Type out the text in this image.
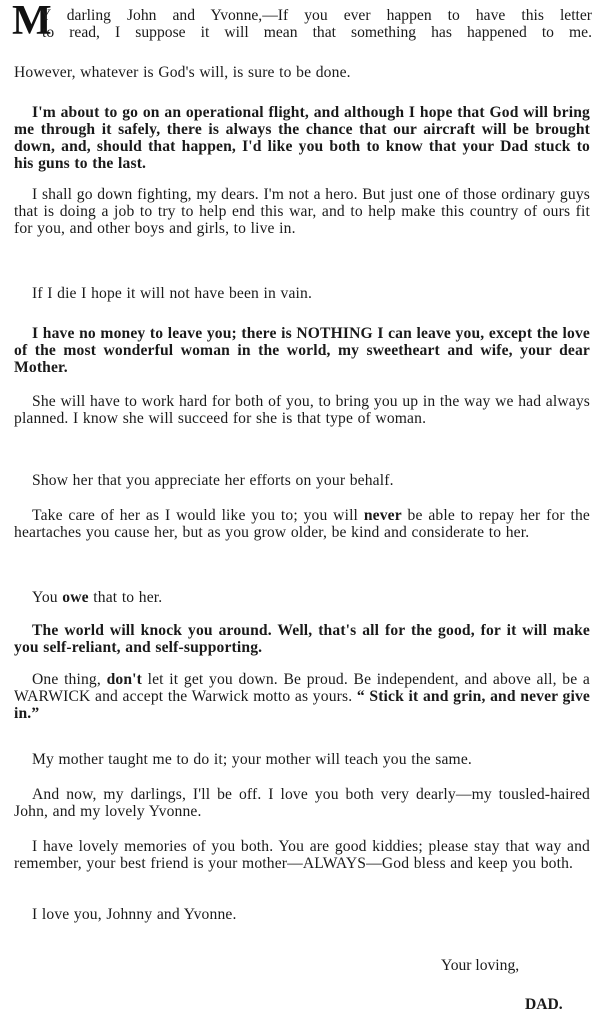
M
Y darling John and Yvonne,—If you ever happen to have this letter
to read, I suppose it will mean that something has happened to me.

However, whatever is God's will, is sure to be done.

I'm about to go on an operational flight, and although I hope that God will bring me through it safely, there is always the chance that our aircraft will be brought down, and, should that happen, I'd like you both to know that your Dad stuck to his guns to the last.

I shall go down fighting, my dears. I'm not a hero. But just one of those ordinary guys that is doing a job to try to help end this war, and to help make this country of ours fit for you, and other boys and girls, to live in.

If I die I hope it will not have been in vain.

I have no money to leave you; there is NOTHING I can leave you, except the love of the most wonderful woman in the world, my sweetheart and wife, your dear Mother.

She will have to work hard for both of you, to bring you up in the way we had always planned. I know she will succeed for she is that type of woman.

Show her that you appreciate her efforts on your behalf.

Take care of her as I would like you to; you will never be able to repay her for the heartaches you cause her, but as you grow older, be kind and considerate to her.

You owe that to her.

The world will knock you around. Well, that's all for the good, for it will make you self-reliant, and self-supporting.

One thing, don't let it get you down. Be proud. Be independent, and above all, be a WARWICK and accept the Warwick motto as yours. “ Stick it and grin, and never give in.”

My mother taught me to do it; your mother will teach you the same.

And now, my darlings, I'll be off. I love you both very dearly—my tousled-haired John, and my lovely Yvonne.

I have lovely memories of you both. You are good kiddies; please stay that way and remember, your best friend is your mother—ALWAYS—God bless and keep you both.

I love you, Johnny and Yvonne.

Your loving,
DAD.
